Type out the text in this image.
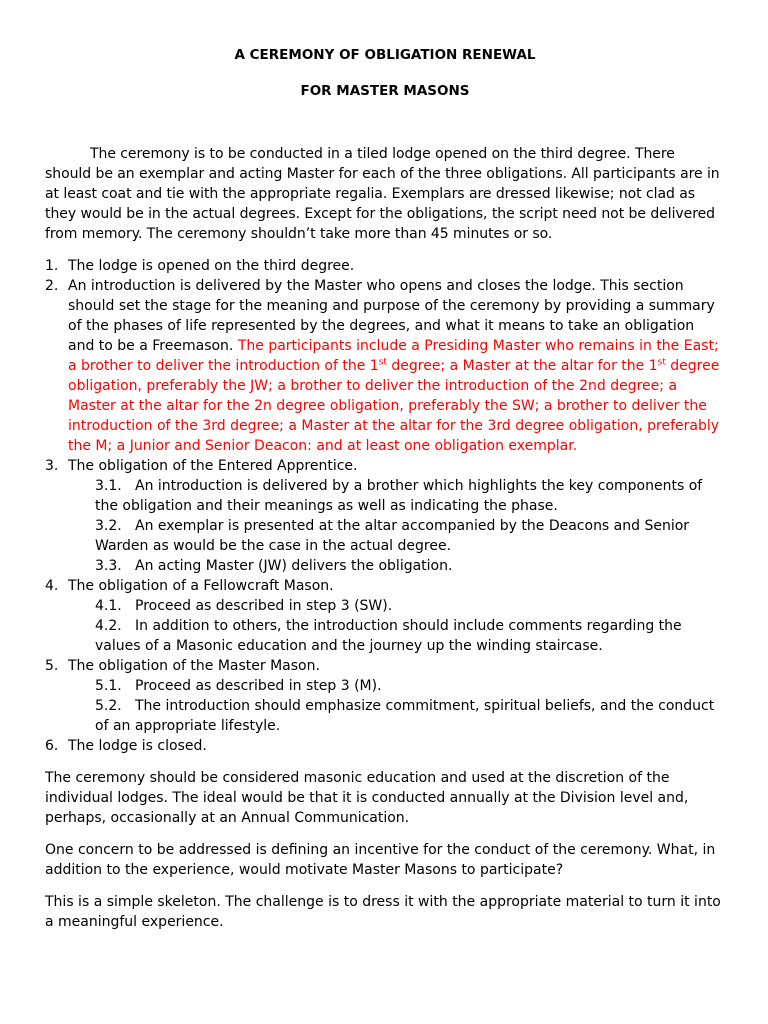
A CEREMONY OF OBLIGATION RENEWAL

FOR MASTER MASONS

The ceremony is to be conducted in a tiled lodge opened on the third degree. There should be an exemplar and acting Master for each of the three obligations. All participants are in at least coat and tie with the appropriate regalia. Exemplars are dressed likewise; not clad as they would be in the actual degrees. Except for the obligations, the script need not be delivered from memory. The ceremony shouldn’t take more than 45 minutes or so.

1. The lodge is opened on the third degree.
2. An introduction is delivered by the Master who opens and closes the lodge. This section should set the stage for the meaning and purpose of the ceremony by providing a summary of the phases of life represented by the degrees, and what it means to take an obligation and to be a Freemason. The participants include a Presiding Master who remains in the East; a brother to deliver the introduction of the 1st degree; a Master at the altar for the 1st degree obligation, preferably the JW; a brother to deliver the introduction of the 2nd degree; a Master at the altar for the 2n degree obligation, preferably the SW; a brother to deliver the introduction of the 3rd degree; a Master at the altar for the 3rd degree obligation, preferably the M; a Junior and Senior Deacon: and at least one obligation exemplar.
3. The obligation of the Entered Apprentice.
3.1. An introduction is delivered by a brother which highlights the key components of the obligation and their meanings as well as indicating the phase.
3.2. An exemplar is presented at the altar accompanied by the Deacons and Senior Warden as would be the case in the actual degree.
3.3. An acting Master (JW) delivers the obligation.
4. The obligation of a Fellowcraft Mason.
4.1. Proceed as described in step 3 (SW).
4.2. In addition to others, the introduction should include comments regarding the values of a Masonic education and the journey up the winding staircase.
5. The obligation of the Master Mason.
5.1. Proceed as described in step 3 (M).
5.2. The introduction should emphasize commitment, spiritual beliefs, and the conduct of an appropriate lifestyle.
6. The lodge is closed.

The ceremony should be considered masonic education and used at the discretion of the individual lodges. The ideal would be that it is conducted annually at the Division level and, perhaps, occasionally at an Annual Communication.

One concern to be addressed is defining an incentive for the conduct of the ceremony. What, in addition to the experience, would motivate Master Masons to participate?

This is a simple skeleton. The challenge is to dress it with the appropriate material to turn it into a meaningful experience.
